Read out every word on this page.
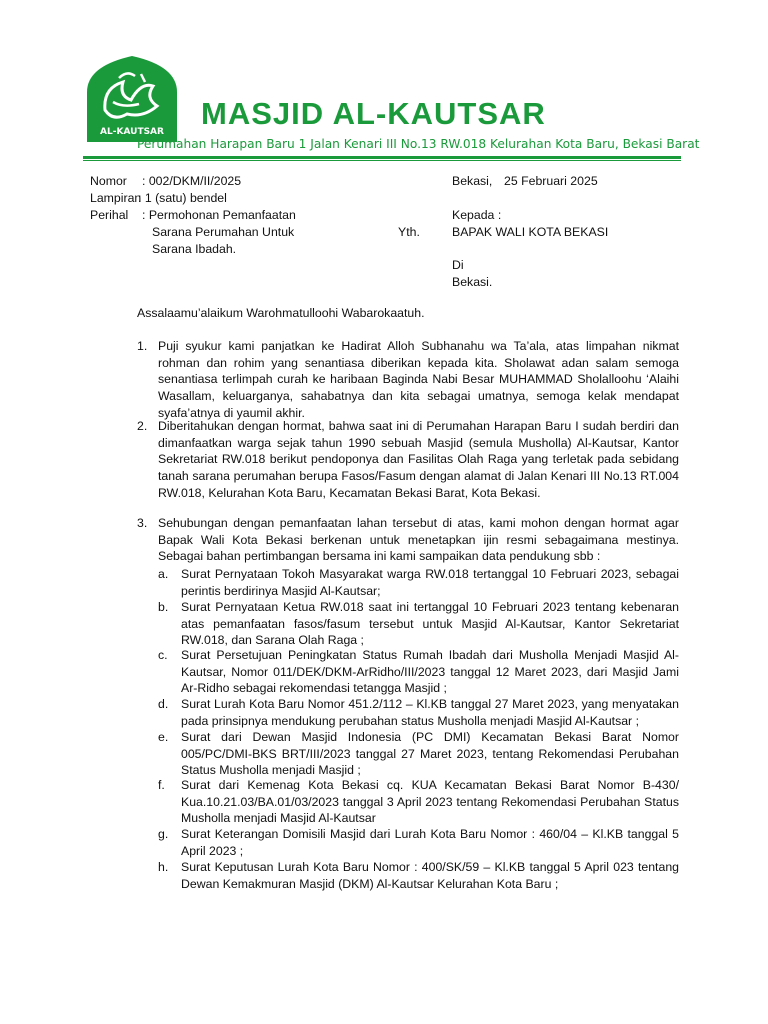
AL-KAUTSAR
MASJID AL-KAUTSAR
Perumahan Harapan Baru 1 Jalan Kenari III No.13 RW.018 Kelurahan Kota Baru, Bekasi Barat
Nomor : 002/DKM/II/2025
Lampiran
: 1 (satu) bendel
Perihal : Permohonan Pemanfaatan
Sarana Perumahan Untuk
Sarana Ibadah.
Bekasi, 25 Februari 2025
Kepada :
Yth.	BAPAK WALI KOTA BEKASI
Di
Bekasi.
Assalaamu’alaikum Warohmatulloohi Wabarokaatuh.
1. Puji syukur kami panjatkan ke Hadirat Alloh Subhanahu wa Ta’ala, atas limpahan nikmat rohman dan rohim yang senantiasa diberikan kepada kita. Sholawat adan salam semoga senantiasa terlimpah curah ke haribaan Baginda Nabi Besar MUHAMMAD Sholalloohu ‘Alaihi Wasallam, keluarganya, sahabatnya dan kita sebagai umatnya, semoga kelak mendapat syafa’atnya di yaumil akhir.
2. Diberitahukan dengan hormat, bahwa saat ini di Perumahan Harapan Baru I sudah berdiri dan dimanfaatkan warga sejak tahun 1990 sebuah Masjid (semula Musholla) Al-Kautsar, Kantor Sekretariat RW.018 berikut pendoponya dan Fasilitas Olah Raga yang terletak pada sebidang tanah sarana perumahan berupa Fasos/Fasum dengan alamat di Jalan Kenari III No.13 RT.004 RW.018, Kelurahan Kota Baru, Kecamatan Bekasi Barat, Kota Bekasi.
3. Sehubungan dengan pemanfaatan lahan tersebut di atas, kami mohon dengan hormat agar Bapak Wali Kota Bekasi berkenan untuk menetapkan ijin resmi sebagaimana mestinya. Sebagai bahan pertimbangan bersama ini kami sampaikan data pendukung sbb :
a. Surat Pernyataan Tokoh Masyarakat warga RW.018 tertanggal 10 Februari 2023, sebagai perintis berdirinya Masjid Al-Kautsar;
b. Surat Pernyataan Ketua RW.018 saat ini tertanggal 10 Februari 2023 tentang kebenaran atas pemanfaatan fasos/fasum tersebut untuk Masjid Al-Kautsar, Kantor Sekretariat RW.018, dan Sarana Olah Raga ;
c. Surat Persetujuan Peningkatan Status Rumah Ibadah dari Musholla Menjadi Masjid Al-Kautsar, Nomor 011/DEK/DKM-ArRidho/III/2023 tanggal 12 Maret 2023, dari Masjid Jami Ar-Ridho sebagai rekomendasi tetangga Masjid ;
d. Surat Lurah Kota Baru Nomor 451.2/112 – Kl.KB tanggal 27 Maret 2023, yang menyatakan pada prinsipnya mendukung perubahan status Musholla menjadi Masjid Al-Kautsar ;
e. Surat dari Dewan Masjid Indonesia (PC DMI) Kecamatan Bekasi Barat Nomor 005/PC/DMI-BKS BRT/III/2023 tanggal 27 Maret 2023, tentang Rekomendasi Perubahan Status Musholla menjadi Masjid ;
f. Surat dari Kemenag Kota Bekasi cq. KUA Kecamatan Bekasi Barat Nomor B-430/ Kua.10.21.03/BA.01/03/2023 tanggal 3 April 2023 tentang Rekomendasi Perubahan Status Musholla menjadi Masjid Al-Kautsar
g. Surat Keterangan Domisili Masjid dari Lurah Kota Baru Nomor : 460/04 – Kl.KB tanggal 5 April 2023 ;
h. Surat Keputusan Lurah Kota Baru Nomor : 400/SK/59 – Kl.KB tanggal 5 April 023 tentang Dewan Kemakmuran Masjid (DKM) Al-Kautsar Kelurahan Kota Baru ;
